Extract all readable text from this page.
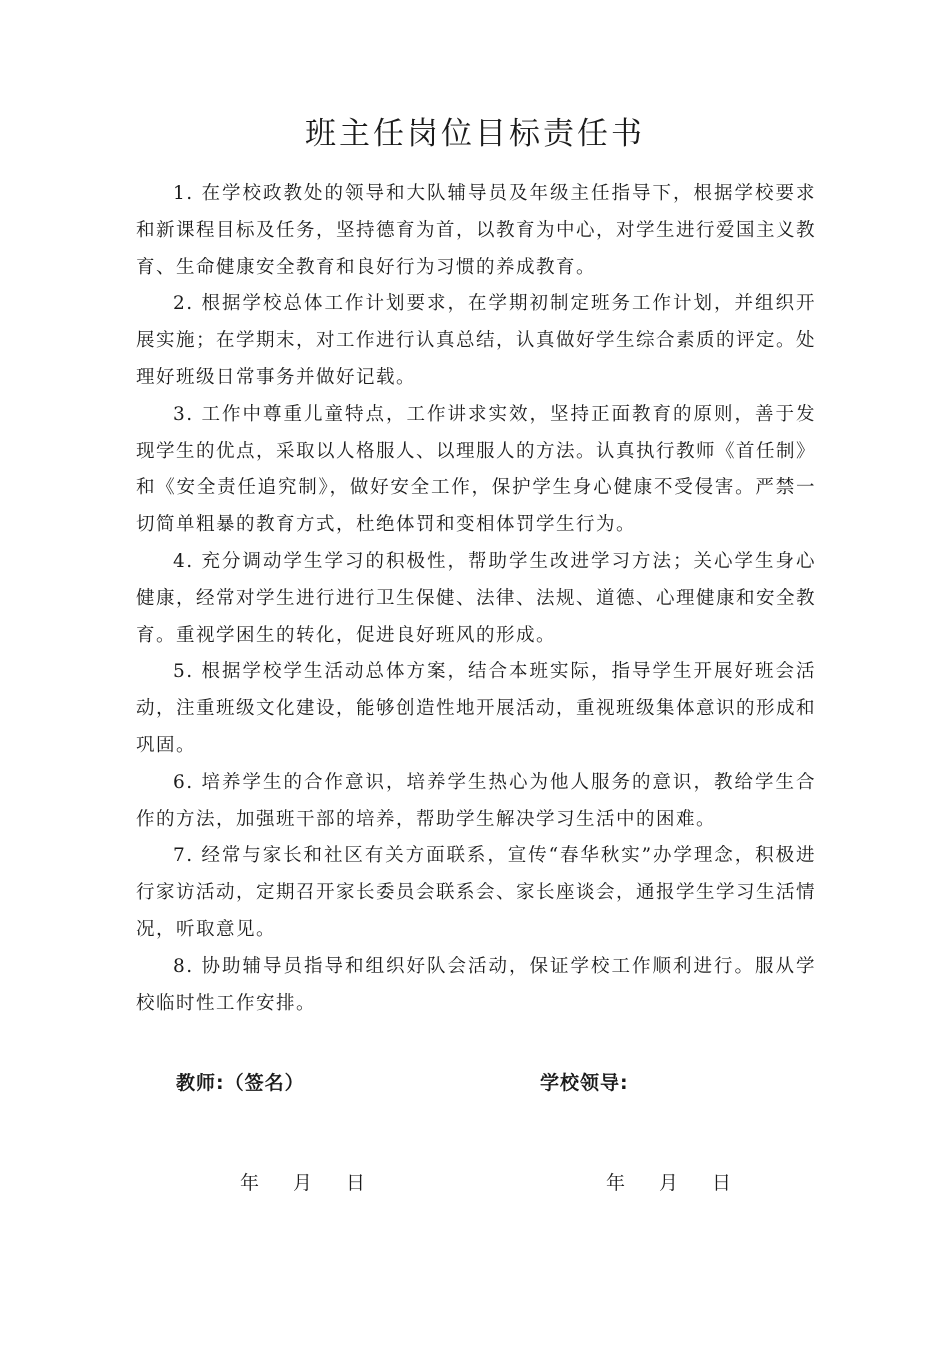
班主任岗位目标责任书

1. 在学校政教处的领导和大队辅导员及年级主任指导下，根据学校要求和新课程目标及任务，坚持德育为首，以教育为中心，对学生进行爱国主义教育、生命健康安全教育和良好行为习惯的养成教育。

2. 根据学校总体工作计划要求，在学期初制定班务工作计划，并组织开展实施；在学期末，对工作进行认真总结，认真做好学生综合素质的评定。处理好班级日常事务并做好记载。

3. 工作中尊重儿童特点，工作讲求实效，坚持正面教育的原则，善于发现学生的优点，采取以人格服人、以理服人的方法。认真执行教师《首任制》和《安全责任追究制》，做好安全工作，保护学生身心健康不受侵害。严禁一切简单粗暴的教育方式，杜绝体罚和变相体罚学生行为。

4. 充分调动学生学习的积极性，帮助学生改进学习方法；关心学生身心健康，经常对学生进行进行卫生保健、法律、法规、道德、心理健康和安全教育。重视学困生的转化，促进良好班风的形成。

5. 根据学校学生活动总体方案，结合本班实际，指导学生开展好班会活动，注重班级文化建设，能够创造性地开展活动，重视班级集体意识的形成和巩固。

6. 培养学生的合作意识，培养学生热心为他人服务的意识，教给学生合作的方法，加强班干部的培养，帮助学生解决学习生活中的困难。

7. 经常与家长和社区有关方面联系，宣传“春华秋实”办学理念，积极进行家访活动，定期召开家长委员会联系会、家长座谈会，通报学生学习生活情况，听取意见。

8. 协助辅导员指导和组织好队会活动，保证学校工作顺利进行。服从学校临时性工作安排。

教师:（签名）	学校领导:
年 月 日	年 月 日
